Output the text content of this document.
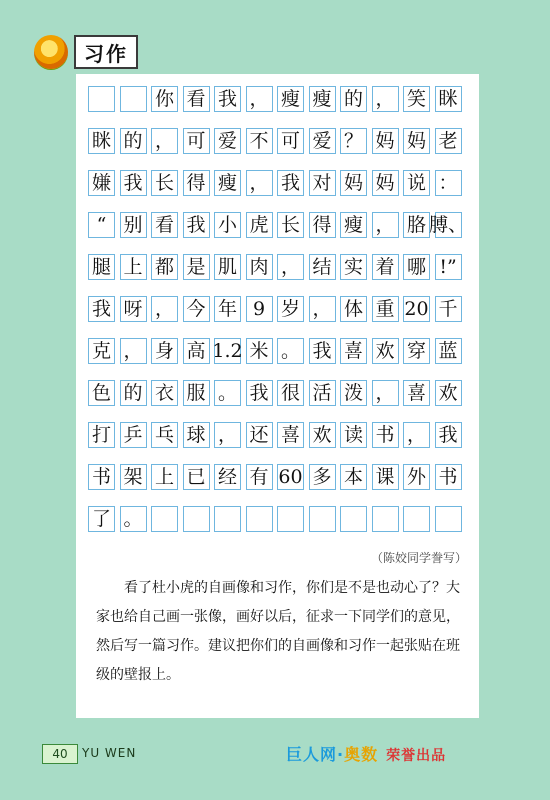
习作
你 看 我 ， 瘦 瘦 的 ， 笑 眯
眯 的 ， 可 爱 不 可 爱 ？ 妈 妈 老
嫌 我 长 得 瘦 ， 我 对 妈 妈 说 ：
“ 别 看 我 小 虎 长 得 瘦 ， 胳 膊、
腿 上 都 是 肌 肉 ， 结 实 着 哪 !”
我 呀 ， 今 年 9 岁 ， 体 重 20 千
克 ， 身 高 1.2 米 。 我 喜 欢 穿 蓝
色 的 衣 服 。 我 很 活 泼 ， 喜 欢
打 乒 乓 球 ， 还 喜 欢 读 书 ， 我
书 架 上 已 经 有 60 多 本 课 外 书
了 。
（陈姣同学誊写）
看了杜小虎的自画像和习作，你们是不是也动心了？大家也给自己画一张像，画好以后，征求一下同学们的意见，然后写一篇习作。建议把你们的自画像和习作一起张贴在班级的壁报上。
40	YU WEN	巨人网·奥数 荣誉出品
